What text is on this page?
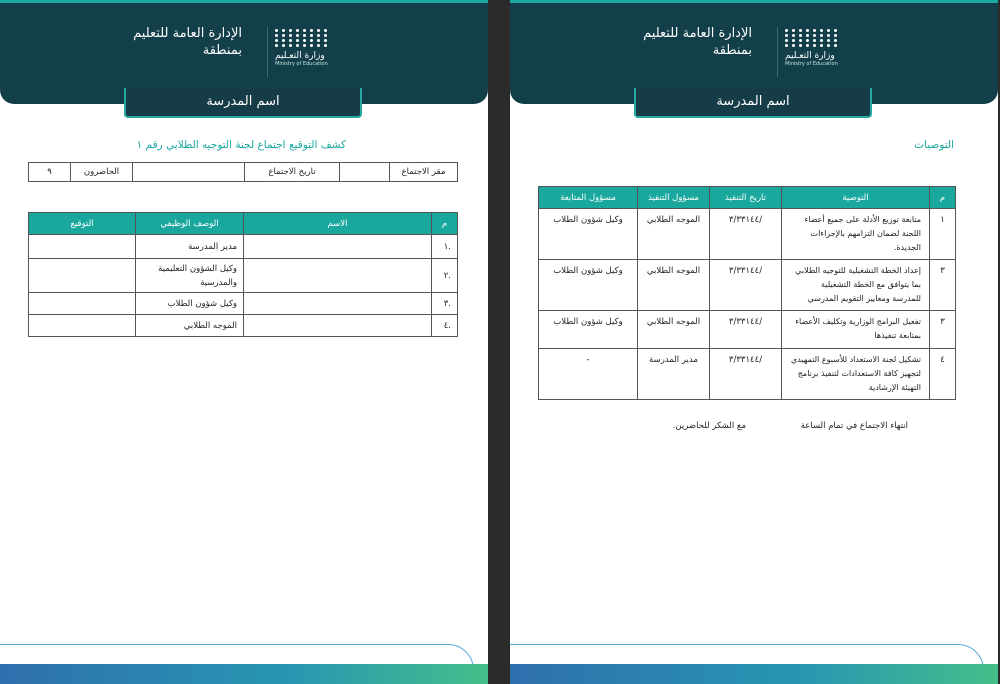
الإدارة العامة للتعليم
بمنطقة	وزارة التعـليم
Ministry of Education
اسم المدرسة
كشف التوقيع اجتماع لجنة التوجيه الطلابي رقم ١
مقر الاجتماع		تاريخ الاجتماع		الحاضرون	٩
م	الاسم	الوصف الوظيفي	التوقيع
.١		مدير المدرسة	
.٢		وكيل الشؤون التعليمية والمدرسية	
.٣		وكيل شؤون الطلاب	
.٤		الموجه الطلابي	
الإدارة العامة للتعليم
بمنطقة	وزارة التعـليم
Ministry of Education
اسم المدرسة
التوصيات
م	التوصية	تاريخ التنفيذ	مسؤول التنفيذ	مسؤول المتابعة
١	متابعة توزيع الأدلة على جميع أعضاء اللجنة لضمان التزامهم بالإجراءات الجديدة.	/٣/٣٣١٤٤	الموجه الطلابي	وكيل شؤون الطلاب
٣	إعداد الخطة التشغيلية للتوجيه الطلابي بما يتوافق مع الخطة التشغيلية للمدرسة ومعايير التقويم المدرسي	/٣/٣٣١٤٤	الموجه الطلابي	وكيل شؤون الطلاب
٣	تفعيل البرامج الوزارية وتكليف الأعضاء بمتابعة تنفيذها	/٣/٣٣١٤٤	الموجه الطلابي	وكيل شؤون الطلاب
٤	تشكيل لجنة الاستعداد للأسبوع التمهيدي لتجهيز كافة الاستعدادات لتنفيذ برنامج التهيئة الإرشادية	/٣/٣٣١٤٤	مدير المدرسة	-
انتهاء الاجتماع في تمام الساعة
مع الشكر للحاضرين.
